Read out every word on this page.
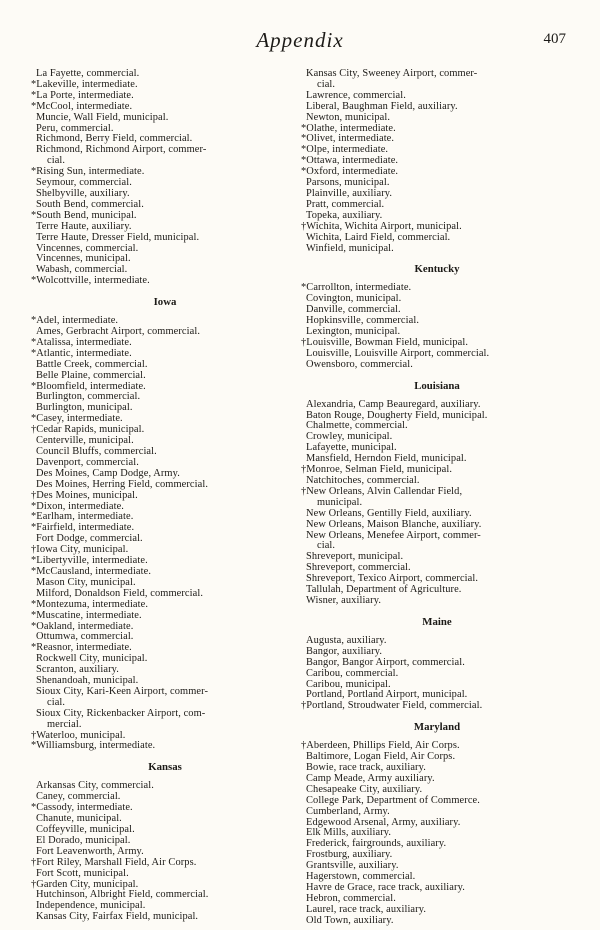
Appendix	407
La Fayette, commercial.
*Lakeville, intermediate.
*La Porte, intermediate.
*McCool, intermediate.
Muncie, Wall Field, municipal.
Peru, commercial.
Richmond, Berry Field, commercial.
Richmond, Richmond Airport, commer-
cial.
*Rising Sun, intermediate.
Seymour, commercial.
Shelbyville, auxiliary.
South Bend, commercial.
*South Bend, municipal.
Terre Haute, auxiliary.
Terre Haute, Dresser Field, municipal.
Vincennes, commercial.
Vincennes, municipal.
Wabash, commercial.
*Wolcottville, intermediate.
Iowa
*Adel, intermediate.
Ames, Gerbracht Airport, commercial.
*Atalissa, intermediate.
*Atlantic, intermediate.
Battle Creek, commercial.
Belle Plaine, commercial.
*Bloomfield, intermediate.
Burlington, commercial.
Burlington, municipal.
*Casey, intermediate.
†Cedar Rapids, municipal.
Centerville, municipal.
Council Bluffs, commercial.
Davenport, commercial.
Des Moines, Camp Dodge, Army.
Des Moines, Herring Field, commercial.
†Des Moines, municipal.
*Dixon, intermediate.
*Earlham, intermediate.
*Fairfield, intermediate.
Fort Dodge, commercial.
†Iowa City, municipal.
*Libertyville, intermediate.
*McCausland, intermediate.
Mason City, municipal.
Milford, Donaldson Field, commercial.
*Montezuma, intermediate.
*Muscatine, intermediate.
*Oakland, intermediate.
Ottumwa, commercial.
*Reasnor, intermediate.
Rockwell City, municipal.
Scranton, auxiliary.
Shenandoah, municipal.
Sioux City, Kari-Keen Airport, commer-
cial.
Sioux City, Rickenbacker Airport, com-
mercial.
†Waterloo, municipal.
*Williamsburg, intermediate.
Kansas
Arkansas City, commercial.
Caney, commercial.
*Cassody, intermediate.
Chanute, municipal.
Coffeyville, municipal.
El Dorado, municipal.
Fort Leavenworth, Army.
†Fort Riley, Marshall Field, Air Corps.
Fort Scott, municipal.
†Garden City, municipal.
Hutchinson, Albright Field, commercial.
Independence, municipal.
Kansas City, Fairfax Field, municipal.
Kansas City, Sweeney Airport, commer-
cial.
Lawrence, commercial.
Liberal, Baughman Field, auxiliary.
Newton, municipal.
*Olathe, intermediate.
*Olivet, intermediate.
*Olpe, intermediate.
*Ottawa, intermediate.
*Oxford, intermediate.
Parsons, municipal.
Plainville, auxiliary.
Pratt, commercial.
Topeka, auxiliary.
†Wichita, Wichita Airport, municipal.
Wichita, Laird Field, commercial.
Winfield, municipal.
Kentucky
*Carrollton, intermediate.
Covington, municipal.
Danville, commercial.
Hopkinsville, commercial.
Lexington, municipal.
†Louisville, Bowman Field, municipal.
Louisville, Louisville Airport, commercial.
Owensboro, commercial.
Louisiana
Alexandria, Camp Beauregard, auxiliary.
Baton Rouge, Dougherty Field, municipal.
Chalmette, commercial.
Crowley, municipal.
Lafayette, municipal.
Mansfield, Herndon Field, municipal.
†Monroe, Selman Field, municipal.
Natchitoches, commercial.
†New Orleans, Alvin Callendar Field,
municipal.
New Orleans, Gentilly Field, auxiliary.
New Orleans, Maison Blanche, auxiliary.
New Orleans, Menefee Airport, commer-
cial.
Shreveport, municipal.
Shreveport, commercial.
Shreveport, Texico Airport, commercial.
Tallulah, Department of Agriculture.
Wisner, auxiliary.
Maine
Augusta, auxiliary.
Bangor, auxiliary.
Bangor, Bangor Airport, commercial.
Caribou, commercial.
Caribou, municipal.
Portland, Portland Airport, municipal.
†Portland, Stroudwater Field, commercial.
Maryland
†Aberdeen, Phillips Field, Air Corps.
Baltimore, Logan Field, Air Corps.
Bowie, race track, auxiliary.
Camp Meade, Army auxiliary.
Chesapeake City, auxiliary.
College Park, Department of Commerce.
Cumberland, Army.
Edgewood Arsenal, Army, auxiliary.
Elk Mills, auxiliary.
Frederick, fairgrounds, auxiliary.
Frostburg, auxiliary.
Grantsville, auxiliary.
Hagerstown, commercial.
Havre de Grace, race track, auxiliary.
Hebron, commercial.
Laurel, race track, auxiliary.
Old Town, auxiliary.
